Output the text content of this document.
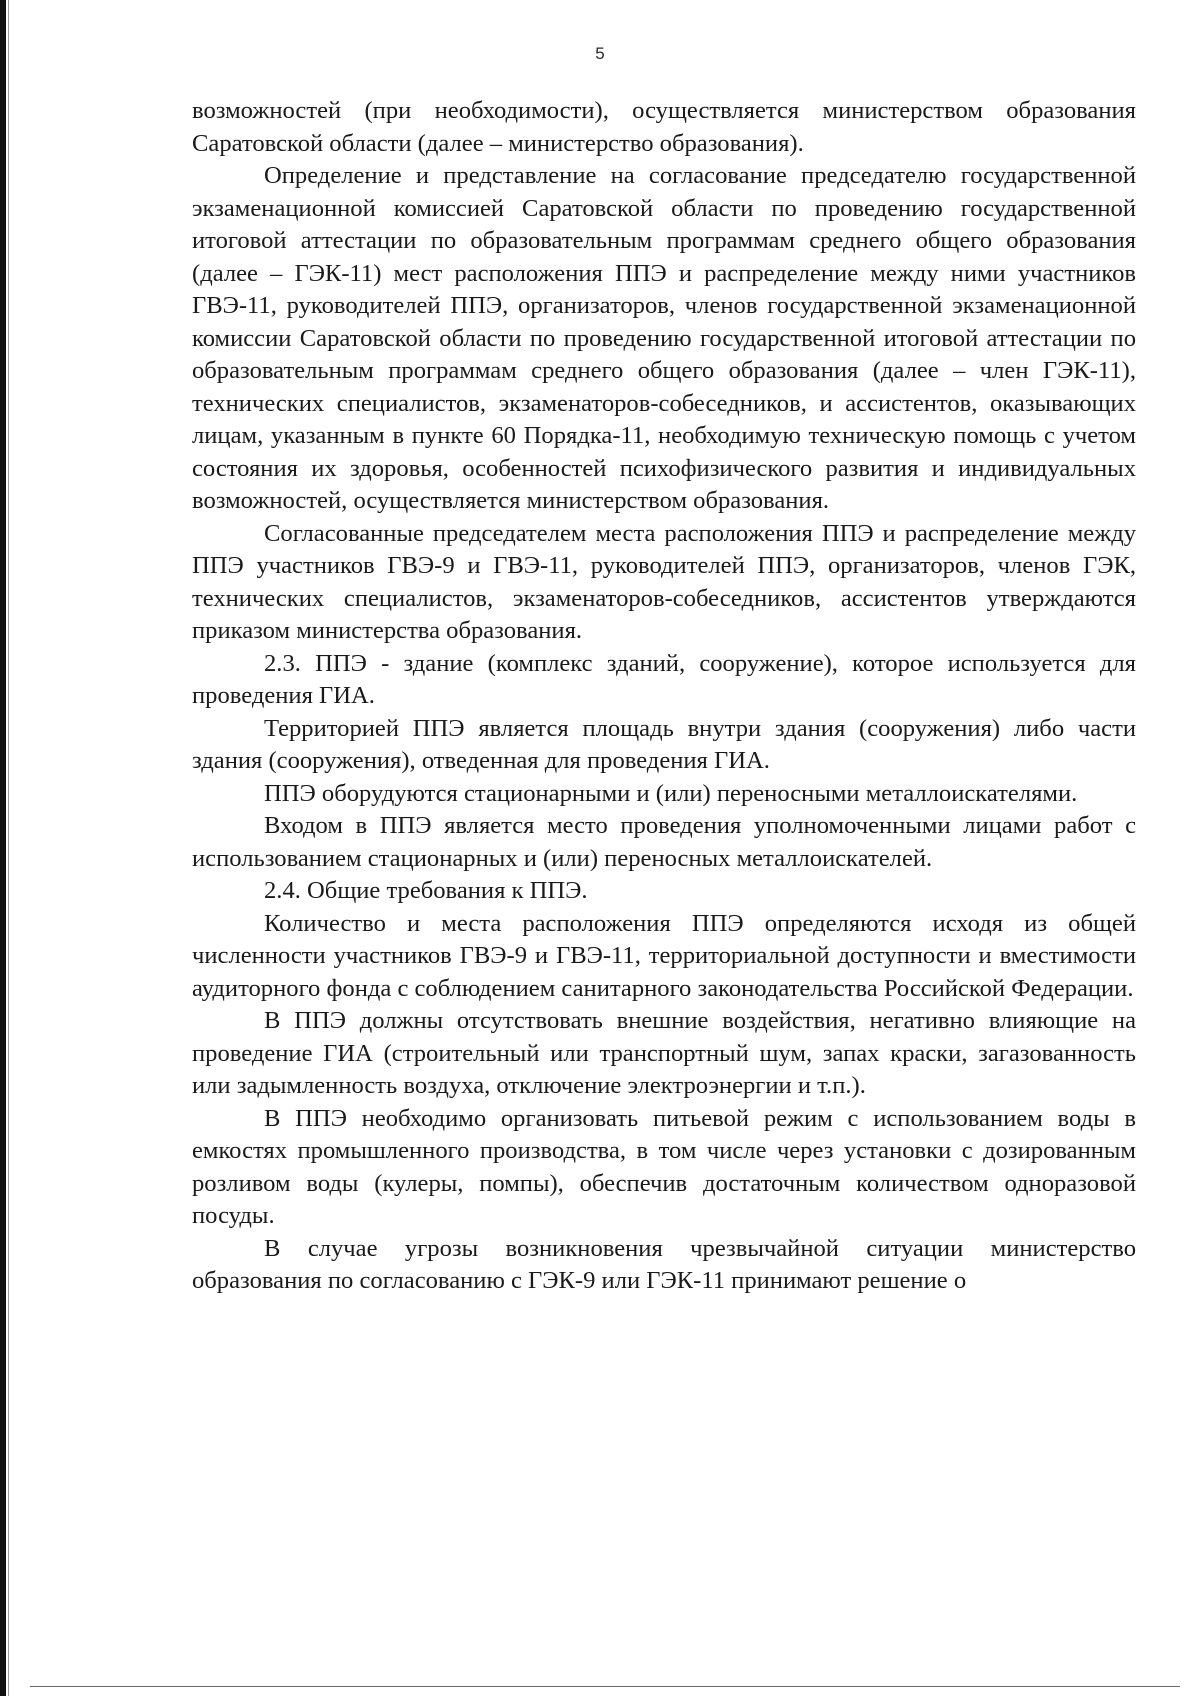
5

возможностей (при необходимости), осуществляется министерством образования Саратовской области (далее – министерство образования).

Определение и представление на согласование председателю государственной экзаменационной комиссией Саратовской области по проведению государственной итоговой аттестации по образовательным программам среднего общего образования (далее – ГЭК-11) мест расположения ППЭ и распределение между ними участников ГВЭ-11, руководителей ППЭ, организаторов, членов государственной экзаменационной комиссии Саратовской области по проведению государственной итоговой аттестации по образовательным программам среднего общего образования (далее – член ГЭК-11), технических специалистов, экзаменаторов-собеседников, и ассистентов, оказывающих лицам, указанным в пункте 60 Порядка-11, необходимую техническую помощь с учетом состояния их здоровья, особенностей психофизического развития и индивидуальных возможностей, осуществляется министерством образования.

Согласованные председателем места расположения ППЭ и распределение между ППЭ участников ГВЭ-9 и ГВЭ-11, руководителей ППЭ, организаторов, членов ГЭК, технических специалистов, экзаменаторов-собеседников, ассистентов утверждаются приказом министерства образования.

2.3. ППЭ - здание (комплекс зданий, сооружение), которое используется для проведения ГИА.

Территорией ППЭ является площадь внутри здания (сооружения) либо части здания (сооружения), отведенная для проведения ГИА.

ППЭ оборудуются стационарными и (или) переносными металлоискателями.

Входом в ППЭ является место проведения уполномоченными лицами работ с использованием стационарных и (или) переносных металлоискателей.

2.4. Общие требования к ППЭ.

Количество и места расположения ППЭ определяются исходя из общей численности участников ГВЭ-9 и ГВЭ-11, территориальной доступности и вместимости аудиторного фонда с соблюдением санитарного законодательства Российской Федерации.

В ППЭ должны отсутствовать внешние воздействия, негативно влияющие на проведение ГИА (строительный или транспортный шум, запах краски, загазованность или задымленность воздуха, отключение электроэнергии и т.п.).

В ППЭ необходимо организовать питьевой режим с использованием воды в емкостях промышленного производства, в том числе через установки с дозированным розливом воды (кулеры, помпы), обеспечив достаточным количеством одноразовой посуды.

В случае угрозы возникновения чрезвычайной ситуации министерство образования по согласованию с ГЭК-9 или ГЭК-11 принимают решение о
